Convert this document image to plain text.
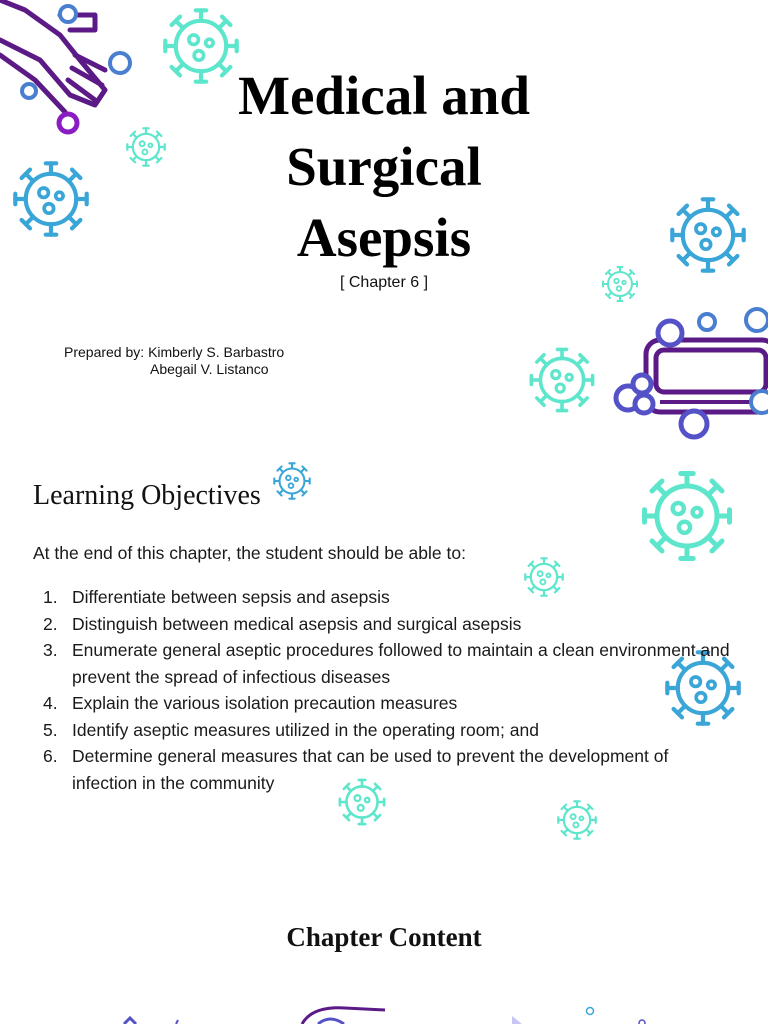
Medical and
Surgical
Asepsis
[ Chapter 6 ]
Prepared by: Kimberly S. Barbastro
Abegail V. Listanco
Learning Objectives
At the end of this chapter, the student should be able to:
1. Differentiate between sepsis and asepsis
2. Distinguish between medical asepsis and surgical asepsis
3. Enumerate general aseptic procedures followed to maintain a clean environment and prevent the spread of infectious diseases
4. Explain the various isolation precaution measures
5. Identify aseptic measures utilized in the operating room; and
6. Determine general measures that can be used to prevent the development of infection in the community
Chapter Content
